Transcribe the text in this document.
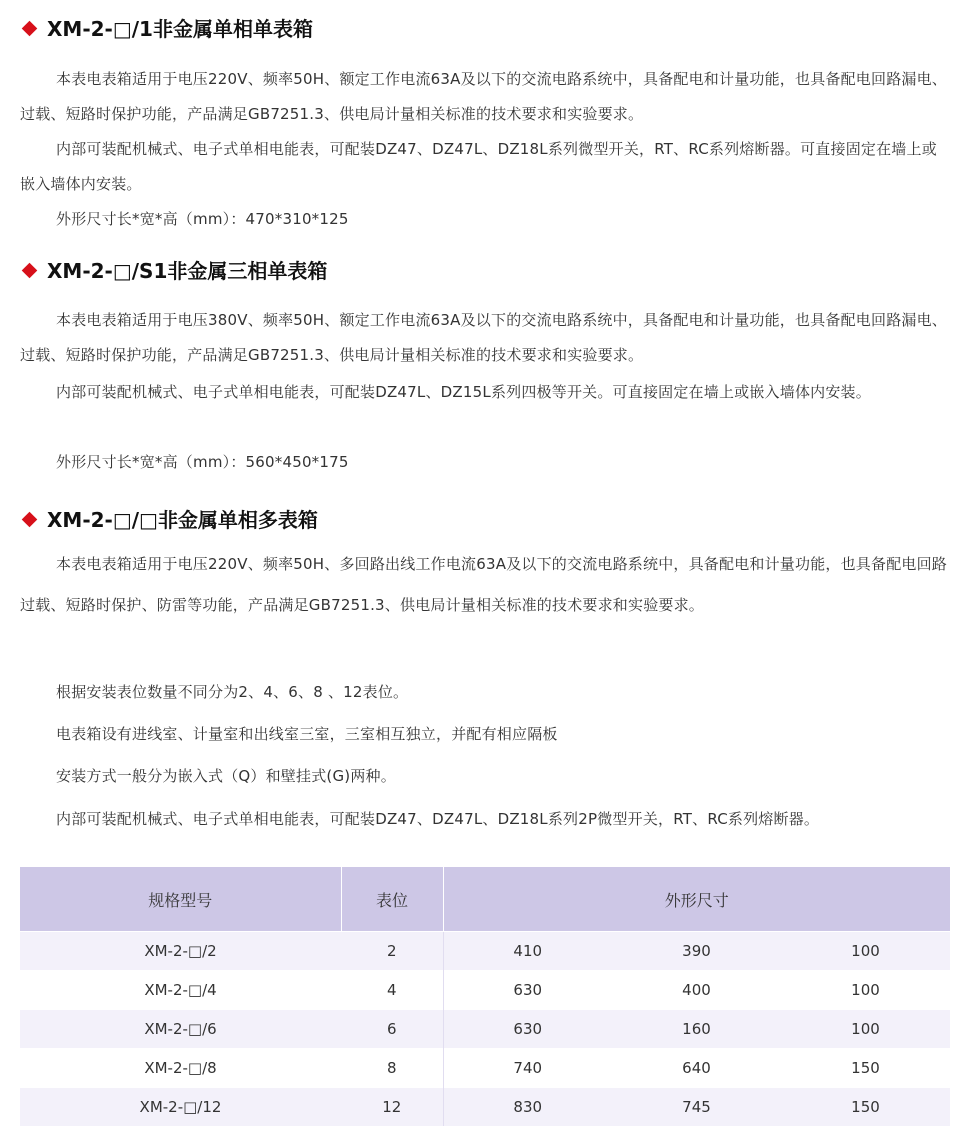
XM-2-□/1非金属单相单表箱

本表电表箱适用于电压220V、频率50H、额定工作电流63A及以下的交流电路系统中，具备配电和计量功能，也具备配电回路漏电、过载、短路时保护功能，产品满足GB7251.3、供电局计量相关标准的技术要求和实验要求。

内部可装配机械式、电子式单相电能表，可配装DZ47、DZ47L、DZ18L系列微型开关，RT、RC系列熔断器。可直接固定在墙上或嵌入墙体内安装。

外形尺寸长*宽*高（mm）：470*310*125

XM-2-□/S1非金属三相单表箱

本表电表箱适用于电压380V、频率50H、额定工作电流63A及以下的交流电路系统中，具备配电和计量功能，也具备配电回路漏电、过载、短路时保护功能，产品满足GB7251.3、供电局计量相关标准的技术要求和实验要求。

内部可装配机械式、电子式单相电能表，可配装DZ47L、DZ15L系列四极等开关。可直接固定在墙上或嵌入墙体内安装。

外形尺寸长*宽*高（mm）：560*450*175

XM-2-□/□非金属单相多表箱

本表电表箱适用于电压220V、频率50H、多回路出线工作电流63A及以下的交流电路系统中，具备配电和计量功能，也具备配电回路过载、短路时保护、防雷等功能，产品满足GB7251.3、供电局计量相关标准的技术要求和实验要求。

根据安装表位数量不同分为2、4、6、8 、12表位。

电表箱设有进线室、计量室和出线室三室，三室相互独立，并配有相应隔板

安装方式一般分为嵌入式（Q）和壁挂式(G)两种。

内部可装配机械式、电子式单相电能表，可配装DZ47、DZ47L、DZ18L系列2P微型开关，RT、RC系列熔断器。

规格型号	表位	外形尺寸		
XM-2-□/2	2	410	390	100
XM-2-□/4	4	630	400	100
XM-2-□/6	6	630	160	100
XM-2-□/8	8	740	640	150
XM-2-□/12	12	830	745	150
